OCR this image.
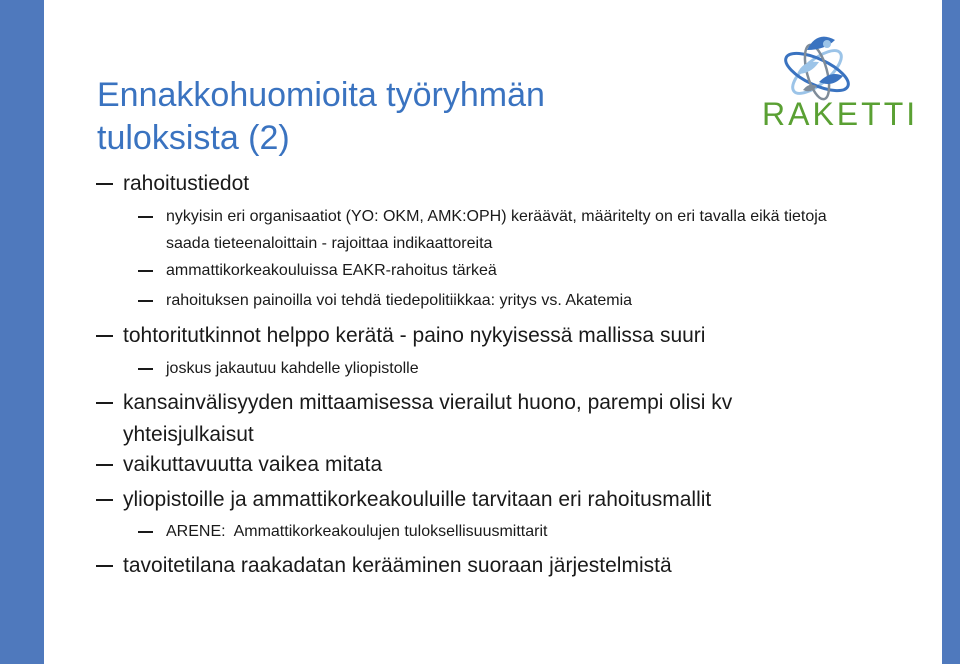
Ennakkohuomioita työryhmän
tuloksista (2)
RAKETTI
rahoitustiedot
nykyisin eri organisaatiot (YO: OKM, AMK:OPH) keräävät, määritelty on eri tavalla eikä tietoja saada tieteenaloittain - rajoittaa indikaattoreita
ammattikorkeakouluissa EAKR-rahoitus tärkeä
rahoituksen painoilla voi tehdä tiedepolitiikkaa: yritys vs. Akatemia
tohtoritutkinnot helppo kerätä - paino nykyisessä mallissa suuri
joskus jakautuu kahdelle yliopistolle
kansainvälisyyden mittaamisessa vierailut huono, parempi olisi kv yhteisjulkaisut
vaikuttavuutta vaikea mitata
yliopistoille ja ammattikorkeakouluille tarvitaan eri rahoitusmallit
ARENE:  Ammattikorkeakoulujen tuloksellisuusmittarit
tavoitetilana raakadatan kerääminen suoraan järjestelmistä
